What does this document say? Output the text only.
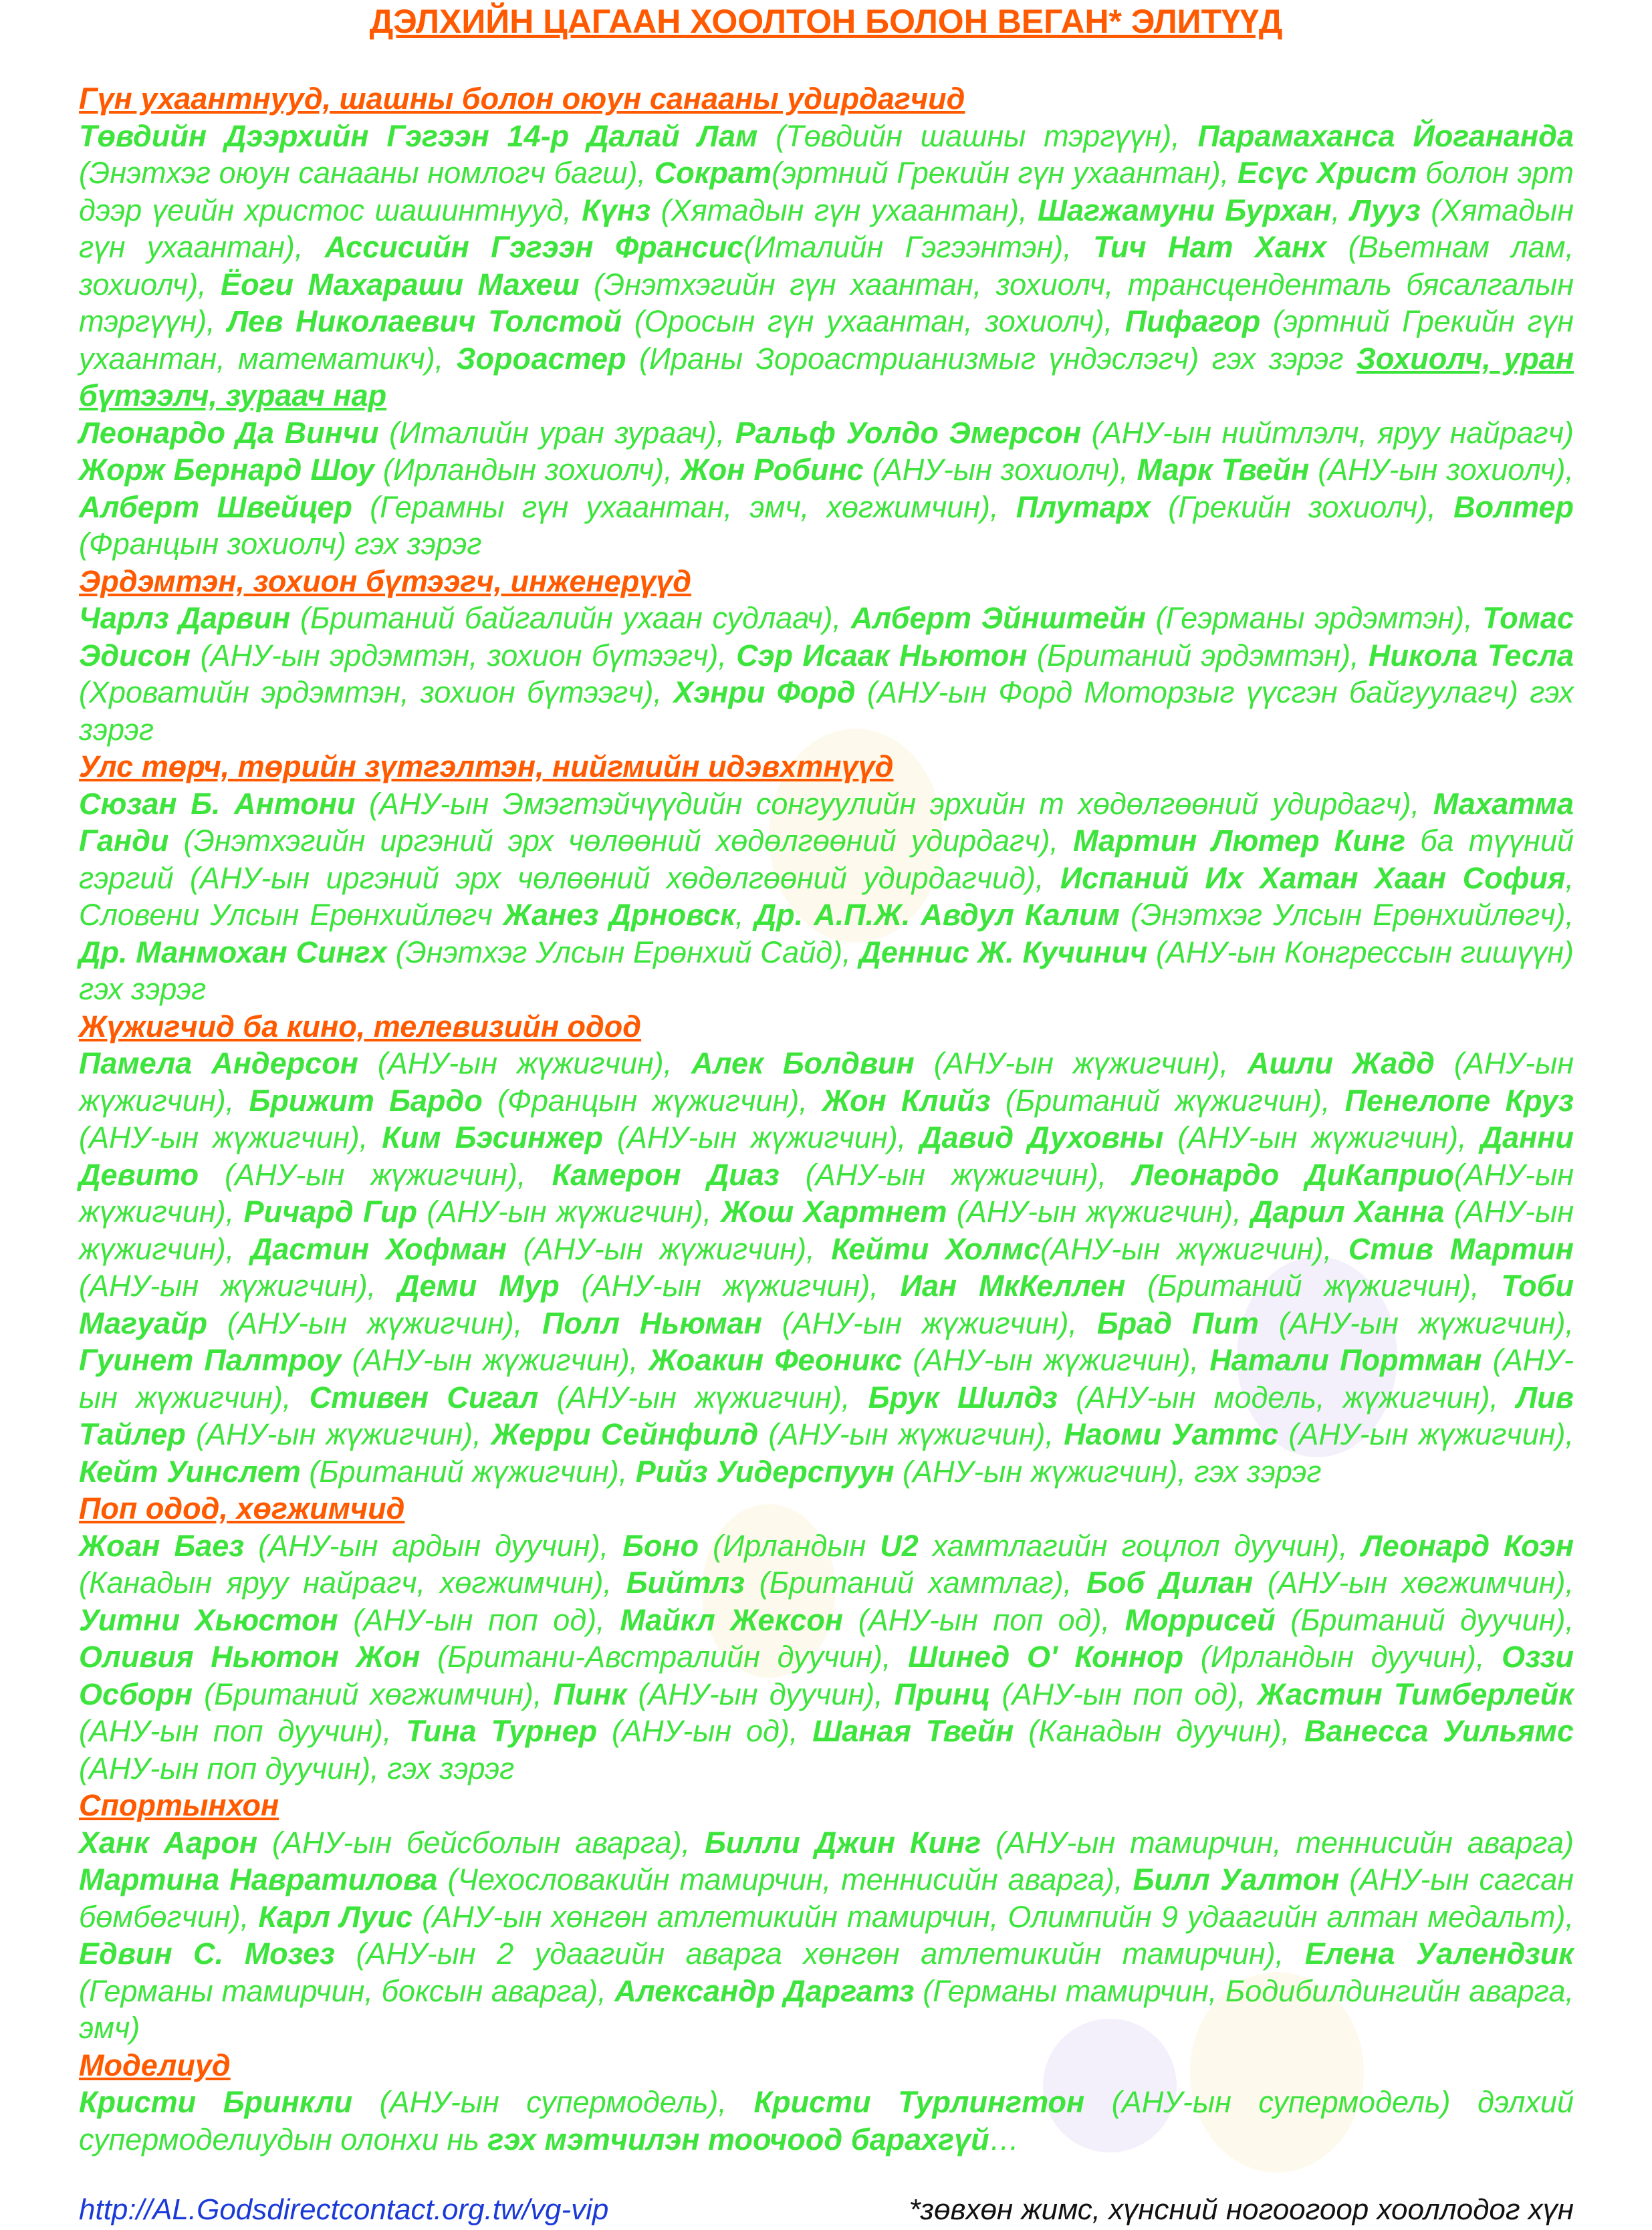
ДЭЛХИЙН ЦАГААН ХООЛТОН БОЛОН ВЕГАН* ЭЛИТҮҮД
Гүн ухаантнууд, шашны болон оюун санааны удирдагчид
Төвдийн Дээрхийн Гэгээн 14-р Далай Лам (Төвдийн шашны тэргүүн), Парамаханса Йогананда (Энэтхэг оюун санааны номлогч багш), Сократ(эртний Грекийн гүн ухаантан), Есүс Христ болон эрт дээр үеийн христос шашинтнууд, Күнз (Хятадын гүн ухаантан), Шагжамуни Бурхан, Лууз (Хятадын гүн ухаантан), Ассисийн Гэгээн Франсис(Италийн Гэгээнтэн), Тич Нат Ханх (Вьетнам лам, зохиолч), Ёоги Махараши Махеш (Энэтхэгийн гүн хаантан, зохиолч, трансценденталь бясалгалын тэргүүн), Лев Николаевич Толстой (Оросын гүн ухаантан, зохиолч), Пифагор (эртний Грекийн гүн ухаантан, математикч), Зороастер (Ираны Зороастрианизмыг үндэслэгч) гэх зэрэг Зохиолч, уран бүтээлч, зураач нар
Леонардо Да Винчи (Италийн уран зураач), Ральф Уолдо Эмерсон (АНУ-ын нийтлэлч, яруу найрагч) Жорж Бернард Шоу (Ирландын зохиолч), Жон Робинс (АНУ-ын зохиолч), Марк Твейн (АНУ-ын зохиолч), Алберт Швейцер (Герамны гүн ухаантан, эмч, хөгжимчин), Плутарх (Грекийн зохиолч), Волтер (Францын зохиолч) гэх зэрэг
Эрдэмтэн, зохион бүтээгч, инженерүүд
Чарлз Дарвин (Британий байгалийн ухаан судлаач), Алберт Эйнштейн (Геэрманы эрдэмтэн), Томас Эдисон (АНУ-ын эрдэмтэн, зохион бүтээгч), Сэр Исаак Ньютон (Британий эрдэмтэн), Никола Тесла (Хроватийн эрдэмтэн, зохион бүтээгч), Хэнри Форд (АНУ-ын Форд Моторзыг үүсгэн байгуулагч) гэх зэрэг
Улс төрч, төрийн зүтгэлтэн, нийгмийн идэвхтнүүд
Сюзан Б. Антони (АНУ-ын Эмэгтэйчүүдийн сонгуулийн эрхийн т хөдөлгөөний удирдагч), Махатма Ганди (Энэтхэгийн иргэний эрх чөлөөний хөдөлгөөний удирдагч), Мартин Лютер Кинг ба түүний гэргий (АНУ-ын иргэний эрх чөлөөний хөдөлгөөний удирдагчид), Испаний Их Хатан Хаан София, Словени Улсын Ерөнхийлөгч Жанез Дрновск, Др. А.П.Ж. Авдул Калим (Энэтхэг Улсын Ерөнхийлөгч), Др. Манмохан Сингх (Энэтхэг Улсын Ерөнхий Сайд), Деннис Ж. Кучинич (АНУ-ын Конгрессын гишүүн) гэх зэрэг
Жүжигчид ба кино, телевизийн одод
Памела Андерсон (АНУ-ын жүжигчин), Алек Болдвин (АНУ-ын жүжигчин), Ашли Жадд (АНУ-ын жүжигчин), Брижит Бардо (Францын жүжигчин), Жон Клийз (Британий жүжигчин), Пенелопе Круз (АНУ-ын жүжигчин), Ким Бэсинжер (АНУ-ын жүжигчин), Давид Духовны (АНУ-ын жүжигчин), Данни Девито (АНУ-ын жүжигчин), Камерон Диаз (АНУ-ын жүжигчин), Леонардо ДиКаприо(АНУ-ын жүжигчин), Ричард Гир (АНУ-ын жүжигчин), Жош Хартнет (АНУ-ын жүжигчин), Дарил Ханна (АНУ-ын жүжигчин), Дастин Хофман (АНУ-ын жүжигчин), Кейти Холмс(АНУ-ын жүжигчин), Стив Мартин (АНУ-ын жүжигчин), Деми Мур (АНУ-ын жүжигчин), Иан МкКеллен (Британий жүжигчин), Тоби Магуайр (АНУ-ын жүжигчин), Полл Ньюман (АНУ-ын жүжигчин), Брад Пит (АНУ-ын жүжигчин), Гуинет Палтроу (АНУ-ын жүжигчин), Жоакин Феоникс (АНУ-ын жүжигчин), Натали Портман (АНУ-ын жүжигчин), Стивен Сигал (АНУ-ын жүжигчин), Брук Шилдз (АНУ-ын модель, жүжигчин), Лив Тайлер (АНУ-ын жүжигчин), Жерри Сейнфилд (АНУ-ын жүжигчин), Наоми Уаттс (АНУ-ын жүжигчин), Кейт Уинслет (Британий жүжигчин), Рийз Уидерспуун (АНУ-ын жүжигчин), гэх зэрэг
Поп одод, хөгжимчид
Жоан Баез (АНУ-ын ардын дуучин), Боно (Ирландын U2 хамтлагийн гоцлол дуучин), Леонард Коэн (Канадын яруу найрагч, хөгжимчин), Бийтлз (Британий хамтлаг), Боб Дилан (АНУ-ын хөгжимчин), Уитни Хьюстон (АНУ-ын поп од), Майкл Жексон (АНУ-ын поп од), Моррисей (Британий дуучин), Оливия Ньютон Жон (Британи-Австралийн дуучин), Шинед О' Коннор (Ирландын дуучин), Оззи Осборн (Британий хөгжимчин), Пинк (АНУ-ын дуучин), Принц (АНУ-ын поп од), Жастин Тимберлейк (АНУ-ын поп дуучин), Тина Турнер (АНУ-ын од), Шаная Твейн (Канадын дуучин), Ванесса Уильямс (АНУ-ын поп дуучин), гэх зэрэг
Спортынхон
Ханк Аарон (АНУ-ын бейсболын аварга), Билли Джин Кинг (АНУ-ын тамирчин, теннисийн аварга) Мартина Навратилова (Чехословакийн тамирчин, теннисийн аварга), Билл Уалтон (АНУ-ын сагсан бөмбөгчин), Карл Луис (АНУ-ын хөнгөн атлетикийн тамирчин, Олимпийн 9 удаагийн алтан медальт), Едвин С. Мозез (АНУ-ын 2 удаагийн аварга хөнгөн атлетикийн тамирчин), Елена Уалендзик (Германы тамирчин, боксын аварга), Александр Даргатз (Германы тамирчин, Бодибилдингийн аварга, эмч)
Моделиуд
Кристи Бринкли (АНУ-ын супермодель), Кристи Турлингтон (АНУ-ын супермодель) дэлхий супермоделиудын олонхи нь гэх мэтчилэн тоочоод барахгүй…
http://AL.Godsdirectcontact.org.tw/vg-vip	*зөвхөн жимс, хүнсний ногоогоор хооллодог хүн
